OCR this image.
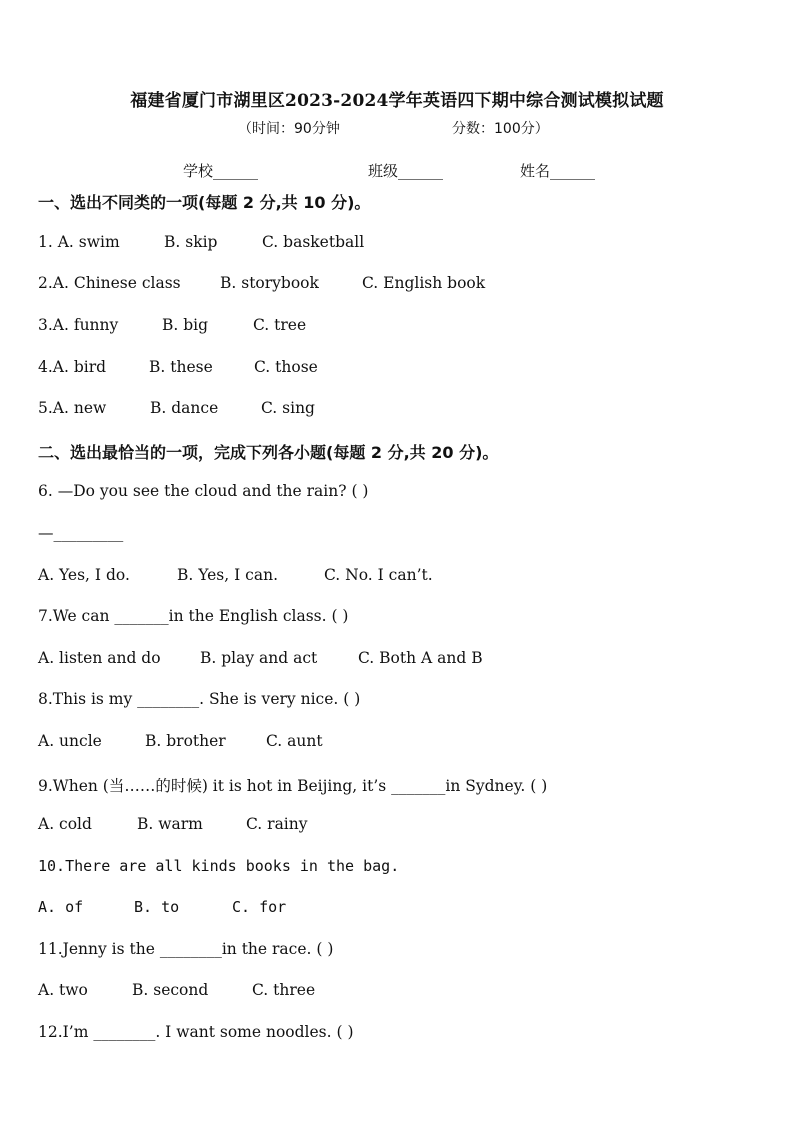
福建省厦门市湖里区2023-2024学年英语四下期中综合测试模拟试题
（时间：90分钟	分数：100分）
学校______	班级______	姓名______
一、选出不同类的一项(每题 2 分,共 10 分)。
1. A. swim	B. skip	C. basketball
2.A. Chinese class	B. storybook	C. English book
3.A. funny	B. big	C. tree
4.A. bird	B. these	C. those
5.A. new	B. dance	C. sing
二、选出最恰当的一项，完成下列各小题(每题 2 分,共 20 分)。
6. —Do you see the cloud and the rain? ( )
—_________
A. Yes, I do.	B. Yes, I can.	C. No. I can’t.
7.We can _______in the English class. ( )
A. listen and do	B. play and act	C. Both A and B
8.This is my ________. She is very nice. ( )
A. uncle	B. brother	C. aunt
9.When (当……的时候) it is hot in Beijing, it’s _______in Sydney. ( )
A. cold	B. warm	C. rainy
10.There are all kinds books in the bag.
A. of	B. to	C. for
11.Jenny is the ________in the race. ( )
A. two	B. second	C. three
12.I’m ________. I want some noodles. ( )
